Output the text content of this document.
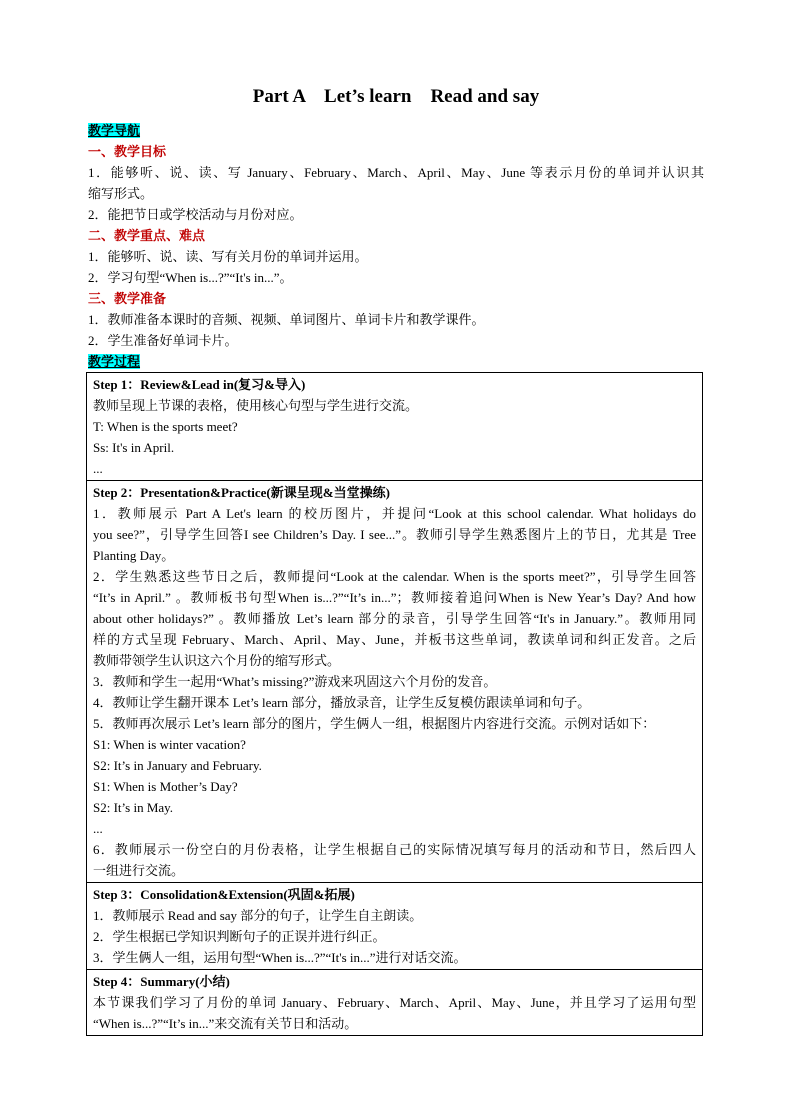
Part A　Let’s learn　Read and say
教学导航
一、教学目标
1．能够听、说、读、写 January、February、March、April、May、June 等表示月份的单词并认识其
缩写形式。
2．能把节日或学校活动与月份对应。
二、教学重点、难点
1．能够听、说、读、写有关月份的单词并运用。
2．学习句型“When is...?”“It's in...”。
三、教学准备
1．教师准备本课时的音频、视频、单词图片、单词卡片和教学课件。
2．学生准备好单词卡片。
教学过程
Step 1：Review&Lead in(复习&导入)
教师呈现上节课的表格，使用核心句型与学生进行交流。
T: When is the sports meet?
Ss: It's in April.
...

Step 2：Presentation&Practice(新课呈现&当堂操练)
1．教师展示 Part A Let's learn 的校历图片，并提问“Look at this school calendar. What holidays do
you see?”，引导学生回答I see Children’s Day. I see...”。教师引导学生熟悉图片上的节日，尤其是 Tree
Planting Day。
2．学生熟悉这些节日之后，教师提问“Look at the calendar. When is the sports meet?”，引导学生回答
“It’s in April.” 。教师板书句型When is...?”“It’s in...”；教师接着追问When is New Year’s Day? And how
about other holidays?” 。教师播放 Let’s learn 部分的录音，引导学生回答“It's in January.”。教师用同
样的方式呈现 February、March、April、May、June，并板书这些单词，教读单词和纠正发音。之后
教师带领学生认识这六个月份的缩写形式。
3．教师和学生一起用“What’s missing?”游戏来巩固这六个月份的发音。
4．教师让学生翻开课本 Let’s learn 部分，播放录音，让学生反复模仿跟读单词和句子。
5．教师再次展示 Let’s learn 部分的图片，学生俩人一组，根据图片内容进行交流。示例对话如下：
S1: When is winter vacation?
S2: It’s in January and February.
S1: When is Mother’s Day?
S2: It’s in May.
...
6．教师展示一份空白的月份表格，让学生根据自己的实际情况填写每月的活动和节日，然后四人
一组进行交流。

Step 3：Consolidation&Extension(巩固&拓展)
1．教师展示 Read and say 部分的句子，让学生自主朗读。
2．学生根据已学知识判断句子的正误并进行纠正。
3．学生俩人一组，运用句型“When is...?”“It's in...”进行对话交流。

Step 4：Summary(小结)
本节课我们学习了月份的单词 January、February、March、April、May、June，并且学习了运用句型
“When is...?”“It’s in...”来交流有关节日和活动。
